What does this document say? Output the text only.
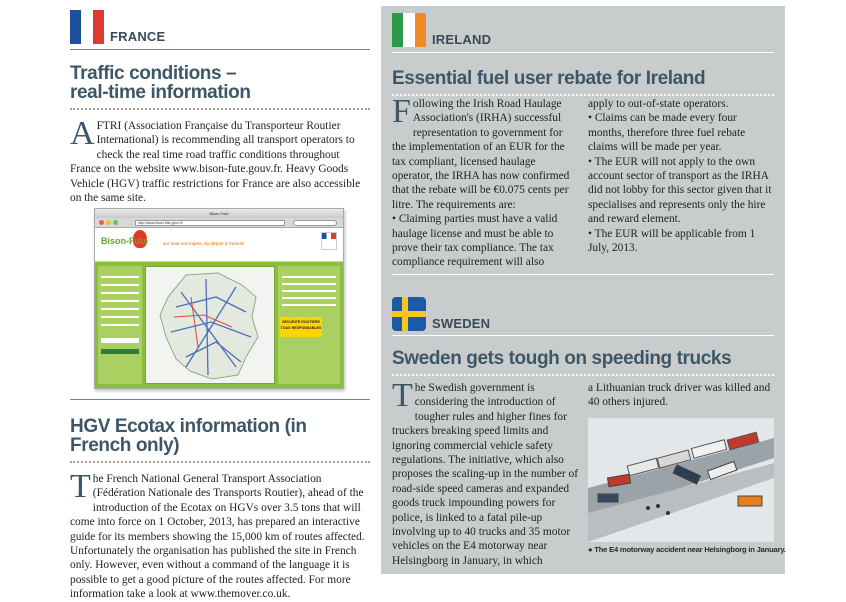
FRANCE
Traffic conditions –
real-time information
AFTRI (Association Française du Transporteur Routier International) is recommending all transport operators to check the real time road traffic conditions throughout France on the website www.bison-fute.gouv.fr. Heavy Goods Vehicle (HGV) traffic restrictions for France are also accessible on the same site.
Bison Futé
http://www.bison-fute.gouv.fr/
Bison-Futé	sur tous vos trajets, du départ à l'arrivée
SÉCURITÉ ROUTIÈRE
TOUS RESPONSABLES
HGV Ecotax information (in French only)
The French National General Transport Association (Fédération Nationale des Transports Routier), ahead of the introduction of the Ecotax on HGVs over 3.5 tons that will come into force on 1 October, 2013, has prepared an interactive guide for its members showing the 15,000 km of routes affected. Unfortunately the organisation has published the site in French only. However, even without a command of the language it is possible to get a good picture of the routes affected. For more information take a look at www.themover.co.uk.
IRELAND
Essential fuel user rebate for Ireland
Following the Irish Road Haulage Association's (IRHA) successful representation to government for the implementation of an EUR for the tax compliant, licensed haulage operator, the IRHA has now confirmed that the rebate will be €0.075 cents per litre. The requirements are:
• Claiming parties must have a valid haulage license and must be able to prove their tax compliance. The tax compliance requirement will also
apply to out-of-state operators.
• Claims can be made every four months, therefore three fuel rebate claims will be made per year.
• The EUR will not apply to the own account sector of transport as the IRHA did not lobby for this sector given that it specialises and represents only the hire and reward element.
• The EUR will be applicable from 1 July, 2013.
SWEDEN
Sweden gets tough on speeding trucks
The Swedish government is considering the introduction of tougher rules and higher fines for truckers breaking speed limits and ignoring commercial vehicle safety regulations. The initiative, which also proposes the scaling-up in the number of road-side speed cameras and expanded goods truck impounding powers for police, is linked to a fatal pile-up involving up to 40 trucks and 35 motor vehicles on the E4 motorway near Helsingborg in January, in which
a Lithuanian truck driver was killed and 40 others injured.
● The E4 motorway accident near Helsingborg in January.
